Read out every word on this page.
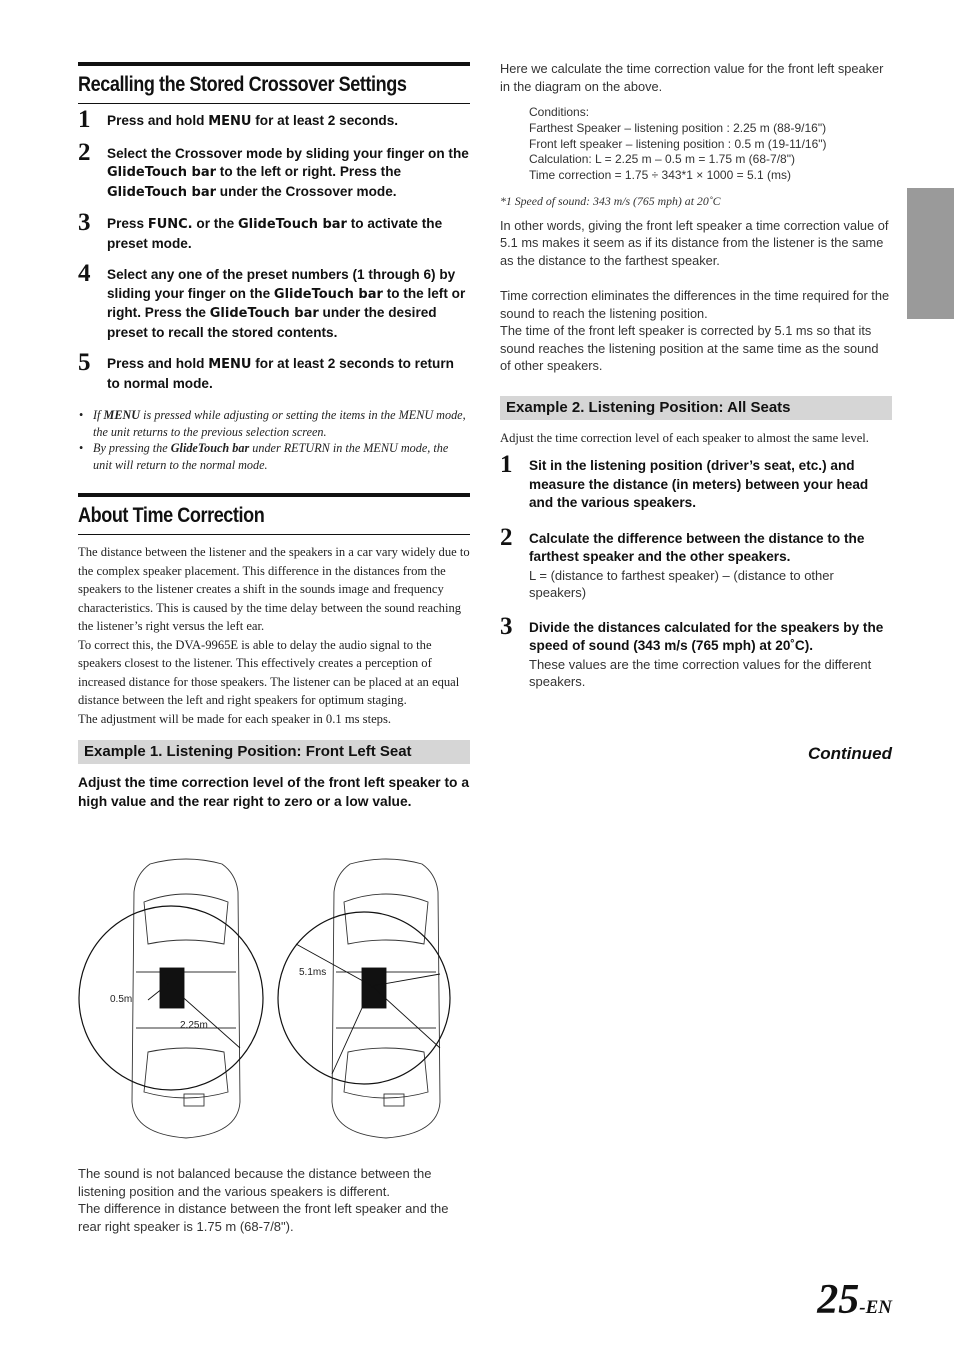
Recalling the Stored Crossover Settings
1 Press and hold MENU for at least 2 seconds.
2 Select the Crossover mode by sliding your finger on the GlideTouch bar to the left or right. Press the GlideTouch bar under the Crossover mode.
3 Press FUNC. or the GlideTouch bar to activate the preset mode.
4 Select any one of the preset numbers (1 through 6) by sliding your finger on the GlideTouch bar to the left or right. Press the GlideTouch bar under the desired preset to recall the stored contents.
5 Press and hold MENU for at least 2 seconds to return to normal mode.
• If MENU is pressed while adjusting or setting the items in the MENU mode, the unit returns to the previous selection screen.
• By pressing the GlideTouch bar under RETURN in the MENU mode, the unit will return to the normal mode.
About Time Correction
The distance between the listener and the speakers in a car vary widely due to the complex speaker placement. This difference in the distances from the speakers to the listener creates a shift in the sounds image and frequency characteristics. This is caused by the time delay between the sound reaching the listener’s right versus the left ear.
To correct this, the DVA-9965E is able to delay the audio signal to the speakers closest to the listener. This effectively creates a perception of increased distance for those speakers. The listener can be placed at an equal distance between the left and right speakers for optimum staging.
The adjustment will be made for each speaker in 0.1 ms steps.
Example 1. Listening Position: Front Left Seat
Adjust the time correction level of the front left speaker to a high value and the rear right to zero or a low value.
0.5m
2.25m
5.1ms
The sound is not balanced because the distance between the listening position and the various speakers is different.
The difference in distance between the front left speaker and the rear right speaker is 1.75 m (68-7/8").
Here we calculate the time correction value for the front left speaker in the diagram on the above.
Conditions:
Farthest Speaker – listening position : 2.25 m (88-9/16")
Front left speaker – listening position : 0.5 m (19-11/16")
Calculation: L = 2.25 m – 0.5 m = 1.75 m (68-7/8")
Time correction = 1.75 ÷ 343*1 × 1000 = 5.1 (ms)
*1 Speed of sound: 343 m/s (765 mph) at 20˚C
In other words, giving the front left speaker a time correction value of 5.1 ms makes it seem as if its distance from the listener is the same as the distance to the farthest speaker.
Time correction eliminates the differences in the time required for the sound to reach the listening position.
The time of the front left speaker is corrected by 5.1 ms so that its sound reaches the listening position at the same time as the sound of other speakers.
Example 2. Listening Position: All Seats
Adjust the time correction level of each speaker to almost the same level.
1 Sit in the listening position (driver’s seat, etc.) and measure the distance (in meters) between your head and the various speakers.
2 Calculate the difference between the distance to the farthest speaker and the other speakers.
L = (distance to farthest speaker) – (distance to other speakers)
3 Divide the distances calculated for the speakers by the speed of sound (343 m/s (765 mph) at 20˚C).
These values are the time correction values for the different speakers.
Continued
25-EN
